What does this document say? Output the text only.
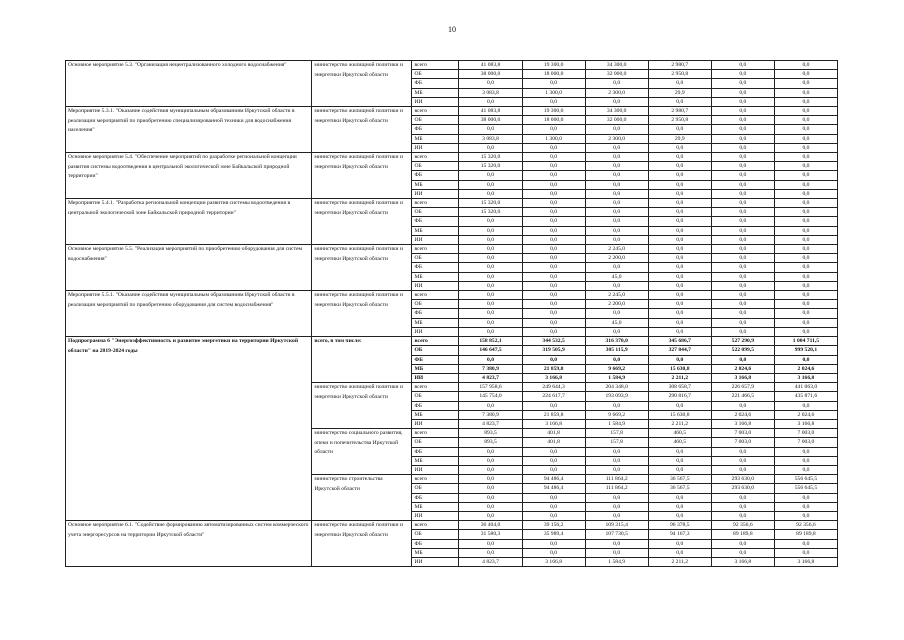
10
Основное мероприятие 5.3. "Организация нецентрализованного холодного водоснабжения"	министерство жилищной политики и энергетики Иркутской области	всего	41 083,8	19 300,0	34 300,0	2 980,7	0,0	0,0
		ОБ	38 000,0	18 000,0	32 000,0	2 950,8	0,0	0,0
		ФБ	0,0	0,0	0,0	0,0	0,0	0,0
		МБ	3 083,8	1 300,0	2 300,0	29,9	0,0	0,0
		ИИ	0,0	0,0	0,0	0,0	0,0	0,0
Мероприятие 5.3.1. "Оказание содействия муниципальным образованиям Иркутской области в реализации мероприятий по приобретению специализированной техники для водоснабжения населения"	министерство жилищной политики и энергетики Иркутской области	всего	41 083,8	19 300,0	34 300,0	2 980,7	0,0	0,0
		ОБ	38 000,0	18 000,0	32 000,0	2 950,8	0,0	0,0
		ФБ	0,0	0,0	0,0	0,0	0,0	0,0
		МБ	3 083,8	1 300,0	2 300,0	29,9	0,0	0,0
		ИИ	0,0	0,0	0,0	0,0	0,0	0,0
Основное мероприятие 5.4. "Обеспечение мероприятий по разработке региональной концепции развития системы водоотведения в центральной экологической зоне Байкальской природной территории"	министерство жилищной политики и энергетики Иркутской области	всего	15 320,0	0,0	0,0	0,0	0,0	0,0
		ОБ	15 320,0	0,0	0,0	0,0	0,0	0,0
		ФБ	0,0	0,0	0,0	0,0	0,0	0,0
		МБ	0,0	0,0	0,0	0,0	0,0	0,0
		ИИ	0,0	0,0	0,0	0,0	0,0	0,0
Мероприятие 5.4.1. "Разработка региональной концепции развития системы водоотведения в центральной экологической зоне Байкальской природной территории"	министерство жилищной политики и энергетики Иркутской области	всего	15 320,0	0,0	0,0	0,0	0,0	0,0
		ОБ	15 320,0	0,0	0,0	0,0	0,0	0,0
		ФБ	0,0	0,0	0,0	0,0	0,0	0,0
		МБ	0,0	0,0	0,0	0,0	0,0	0,0
		ИИ	0,0	0,0	0,0	0,0	0,0	0,0
Основное мероприятие 5.5. "Реализация мероприятий по приобретению оборудования для систем водоснабжения"	министерство жилищной политики и энергетики Иркутской области	всего	0,0	0,0	2 245,0	0,0	0,0	0,0
		ОБ	0,0	0,0	2 200,0	0,0	0,0	0,0
		ФБ	0,0	0,0	0,0	0,0	0,0	0,0
		МБ	0,0	0,0	45,0	0,0	0,0	0,0
		ИИ	0,0	0,0	0,0	0,0	0,0	0,0
Мероприятие 5.5.1. "Оказание содействия муниципальным образованиям Иркутской области в реализации мероприятий по приобретению оборудования для систем водоснабжения"	министерство жилищной политики и энергетики Иркутской области	всего	0,0	0,0	2 245,0	0,0	0,0	0,0
		ОБ	0,0	0,0	2 200,0	0,0	0,0	0,0
		ФБ	0,0	0,0	0,0	0,0	0,0	0,0
		МБ	0,0	0,0	45,0	0,0	0,0	0,0
		ИИ	0,0	0,0	0,0	0,0	0,0	0,0
Подпрограмма 6 "Энергоэффективность и развитие энергетики на территории Иркутской области" на 2019-2024 годы	всего, в том числе:	всего	158 852,1	344 532,5	316 370,0	345 686,7	527 290,9	1 004 711,5
		ОБ	146 647,5	319 505,9	305 115,9	327 844,7	522 099,5	999 520,1
		ФБ	0,0	0,0	0,0	0,0	0,0	0,0
		МБ	7 380,9	21 859,8	9 669,2	15 630,8	2 024,6	2 024,6
		ИИ	4 823,7	3 166,8	1 584,9	2 211,2	3 166,8	3 166,8
	министерство жилищной политики и энергетики Иркутской области	всего	157 958,6	249 644,3	204 348,0	308 658,7	226 657,9	441 063,0
		ОБ	145 754,0	224 617,7	193 093,9	290 816,7	221 466,5	435 871,6
		ФБ	0,0	0,0	0,0	0,0	0,0	0,0
		МБ	7 380,9	21 859,8	9 669,2	15 630,8	2 024,6	2 024,6
		ИИ	4 823,7	3 166,8	1 584,9	2 211,2	3 166,8	3 166,8
	министерство социального развития, опеки и попечительства Иркутской области	всего	893,5	401,8	157,8	460,5	7 003,0	7 003,0
		ОБ	893,5	401,8	157,8	460,5	7 003,0	7 003,0
		ФБ	0,0	0,0	0,0	0,0	0,0	0,0
		МБ	0,0	0,0	0,0	0,0	0,0	0,0
		ИИ	0,0	0,0	0,0	0,0	0,0	0,0
	министерство строительства Иркутской области	всего	0,0	94 486,4	111 864,2	36 567,5	293 630,0	556 645,5
		ОБ	0,0	94 486,4	111 864,2	36 567,5	293 630,0	556 645,5
		ФБ	0,0	0,0	0,0	0,0	0,0	0,0
		МБ	0,0	0,0	0,0	0,0	0,0	0,0
		ИИ	0,0	0,0	0,0	0,0	0,0	0,0
Основное мероприятие 6.1. "Содействие формированию автоматизированных систем коммерческого учета энергоресурсов на территории Иркутской области"	министерство жилищной политики и энергетики Иркутской области	всего	36 404,0	39 156,2	109 315,4	96 378,5	92 356,6	92 356,6
		ОБ	31 580,3	35 989,4	107 730,5	94 167,3	89 189,8	89 189,8
		ФБ	0,0	0,0	0,0	0,0	0,0	0,0
		МБ	0,0	0,0	0,0	0,0	0,0	0,0
		ИИ	4 823,7	3 166,8	1 584,9	2 211,2	3 166,8	3 166,8
